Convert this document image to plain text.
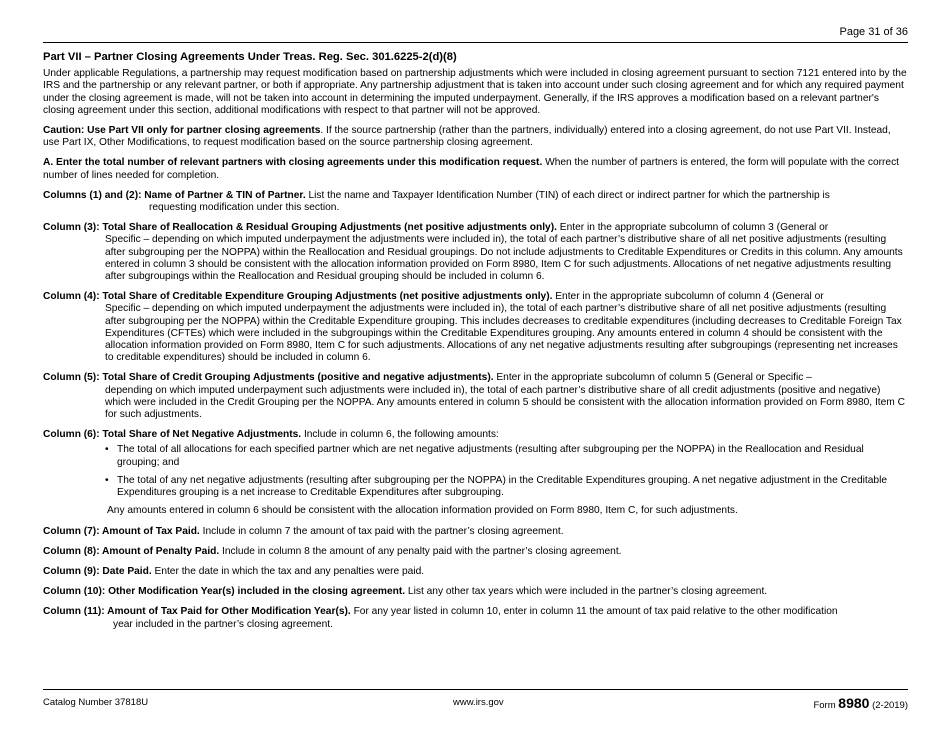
Page 31 of 36
Part VII – Partner Closing Agreements Under Treas. Reg. Sec. 301.6225-2(d)(8)

Under applicable Regulations, a partnership may request modification based on partnership adjustments which were included in closing agreement pursuant to section 7121 entered into by the IRS and the partnership or any relevant partner, or both if appropriate. Any partnership adjustment that is taken into account under such closing agreement and for which any required payment under the closing agreement is made, will not be taken into account in determining the imputed underpayment. Generally, if the IRS approves a modification based on a relevant partner's closing agreement under this section, additional modifications with respect to that partner will not be approved.

Caution: Use Part VII only for partner closing agreements. If the source partnership (rather than the partners, individually) entered into a closing agreement, do not use Part VII. Instead, use Part IX, Other Modifications, to request modification based on the source partnership closing agreement.

A. Enter the total number of relevant partners with closing agreements under this modification request. When the number of partners is entered, the form will populate with the correct number of lines needed for completion.

Columns (1) and (2): Name of Partner & TIN of Partner. List the name and Taxpayer Identification Number (TIN) of each direct or indirect partner for which the partnership is
requesting modification under this section.
Column (3): Total Share of Reallocation & Residual Grouping Adjustments (net positive adjustments only). Enter in the appropriate subcolumn of column 3 (General or
Specific – depending on which imputed underpayment the adjustments were included in), the total of each partner’s distributive share of all net positive adjustments (resulting after subgrouping per the NOPPA) within the Reallocation and Residual groupings. Do not include adjustments to Creditable Expenditures or Credits in this column. Any amounts entered in column 3 should be consistent with the allocation information provided on Form 8980, Item C for such adjustments. Allocations of net negative adjustments resulting after subgroupings within the Reallocation and Residual grouping should be included in column 6.
Column (4): Total Share of Creditable Expenditure Grouping Adjustments (net positive adjustments only). Enter in the appropriate subcolumn of column 4 (General or
Specific – depending on which imputed underpayment the adjustments were included in), the total of each partner’s distributive share of all net positive adjustments (resulting after subgrouping per the NOPPA) within the Creditable Expenditure grouping. This includes decreases to creditable expenditures (including decreases to Creditable Foreign Tax Expenditures (CFTEs) which were included in the subgroupings within the Creditable Expenditures grouping. Any amounts entered in column 4 should be consistent with the allocation information provided on Form 8980, Item C for such adjustments. Allocations of any net negative adjustments resulting after subgroupings (representing net increases to creditable expenditures) should be included in column 6.
Column (5): Total Share of Credit Grouping Adjustments (positive and negative adjustments). Enter in the appropriate subcolumn of column 5 (General or Specific –
depending on which imputed underpayment such adjustments were included in), the total of each partner’s distributive share of all credit adjustments (positive and negative) which were included in the Credit Grouping per the NOPPA. Any amounts entered in column 5 should be consistent with the allocation information provided on Form 8980, Item C for such adjustments.
Column (6): Total Share of Net Negative Adjustments. Include in column 6, the following amounts:
• The total of all allocations for each specified partner which are net negative adjustments (resulting after subgrouping per the NOPPA) in the Reallocation and Residual grouping; and
• The total of any net negative adjustments (resulting after subgrouping per the NOPPA) in the Creditable Expenditures grouping. A net negative adjustment in the Creditable Expenditures grouping is a net increase to Creditable Expenditures after subgrouping.
Any amounts entered in column 6 should be consistent with the allocation information provided on Form 8980, Item C, for such adjustments.

Column (7): Amount of Tax Paid. Include in column 7 the amount of tax paid with the partner’s closing agreement.

Column (8): Amount of Penalty Paid. Include in column 8 the amount of any penalty paid with the partner’s closing agreement.

Column (9): Date Paid. Enter the date in which the tax and any penalties were paid.

Column (10): Other Modification Year(s) included in the closing agreement. List any other tax years which were included in the partner’s closing agreement.

Column (11): Amount of Tax Paid for Other Modification Year(s). For any year listed in column 10, enter in column 11 the amount of tax paid relative to the other modification
year included in the partner’s closing agreement.
Catalog Number 37818U	www.irs.gov	Form 8980 (2-2019)
